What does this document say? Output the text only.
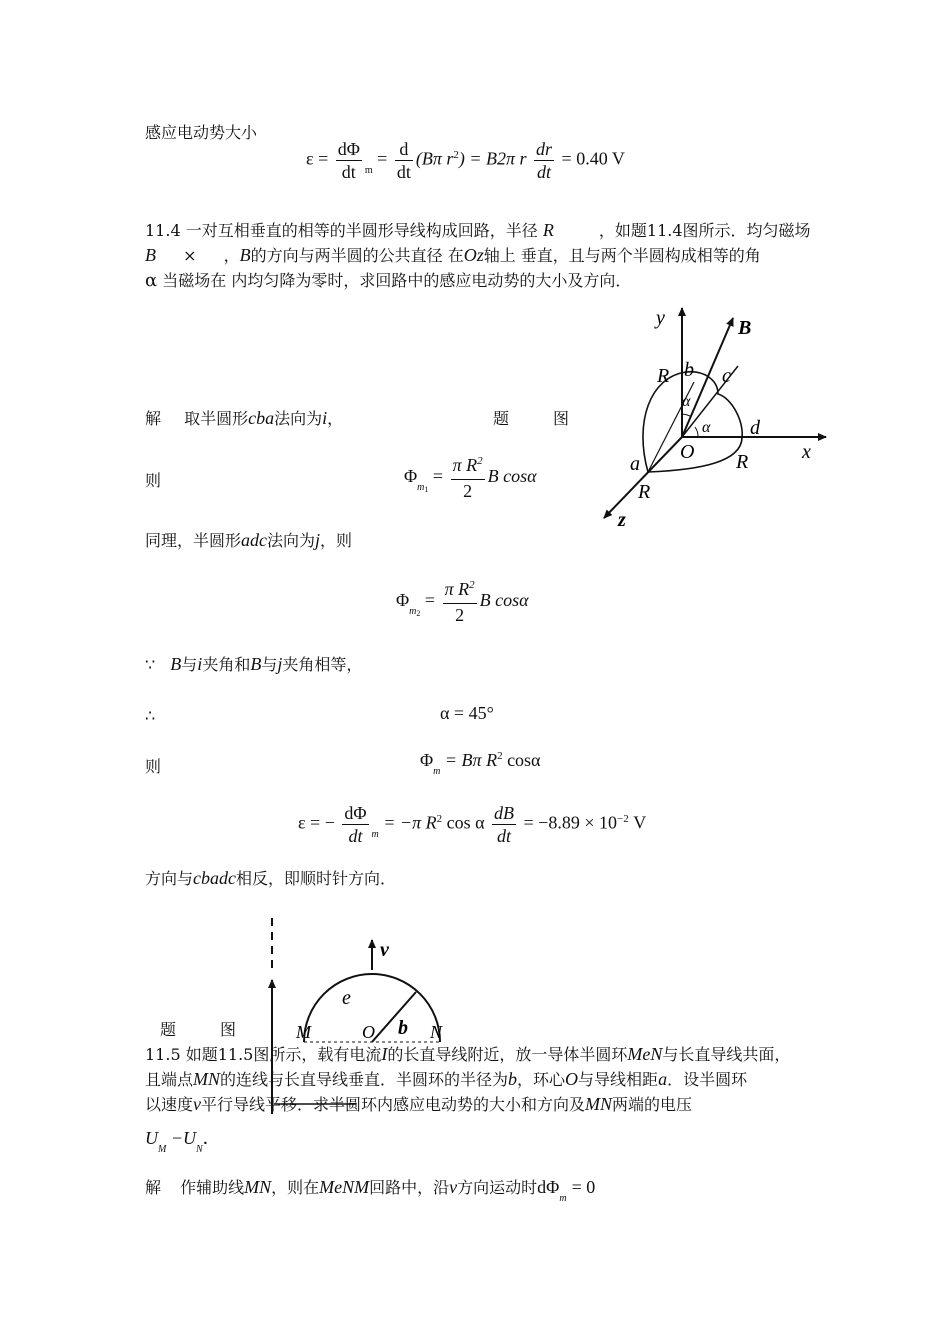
感应电动势大小
$\varepsilon = \frac{d\Phi}{dt} _m = \frac{d}{dt} (B\pi$ $r^2) = B2\pi$ r $\frac{dr}{dt} = 0.40$ V
11.4 一对互相垂直的相等的半圆形导线构成回路，半径 R	，如题11.4图所示．均匀磁场
B × ，B的方向与两半圆的公共直径 在Oz轴上 垂直，且与两个半圆构成相等的角
α 当磁场在 内均匀降为零时，求回路中的感应电动势的大小及方向．
解 取半圆形cba法向为i，	题	图
则	$\Phi_{m1} = \frac{\pi R^2}{2}$ B cosα
同理，半圆形adc法向为j，则
$\Phi_{m2} = \frac{\pi R^2}{2}$ B cosα
∵ B与i夹角和B与j夹角相等，
∴	α = 45°
则	$\Phi_m = B\pi$ $R^2$ cosα
ε = − $\frac{d\Phi}{dt} _m = -\pi$ $R^2$ cos α $\frac{dB}{dt} = -8.89 \times 10^{-2}$ V
方向与cbadc相反，即顺时针方向．
y	B
R b c
α
α d
a
O R	x
R
z
v
e
b
M	O	N
题	图
11.5 如题11.5图所示，载有电流I的长直导线附近，放一导体半圆环MeN与长直导线共面，
且端点MN的连线与长直导线垂直．半圆环的半径为b，环心O与导线相距a．设半圆环
以速度v平行导线平移．求半圆环内感应电动势的大小和方向及MN两端的电压
$U_M -U_N$．
解 作辅助线MN，则在MeNM回路中，沿v方向运动时$d\Phi_m = 0$
